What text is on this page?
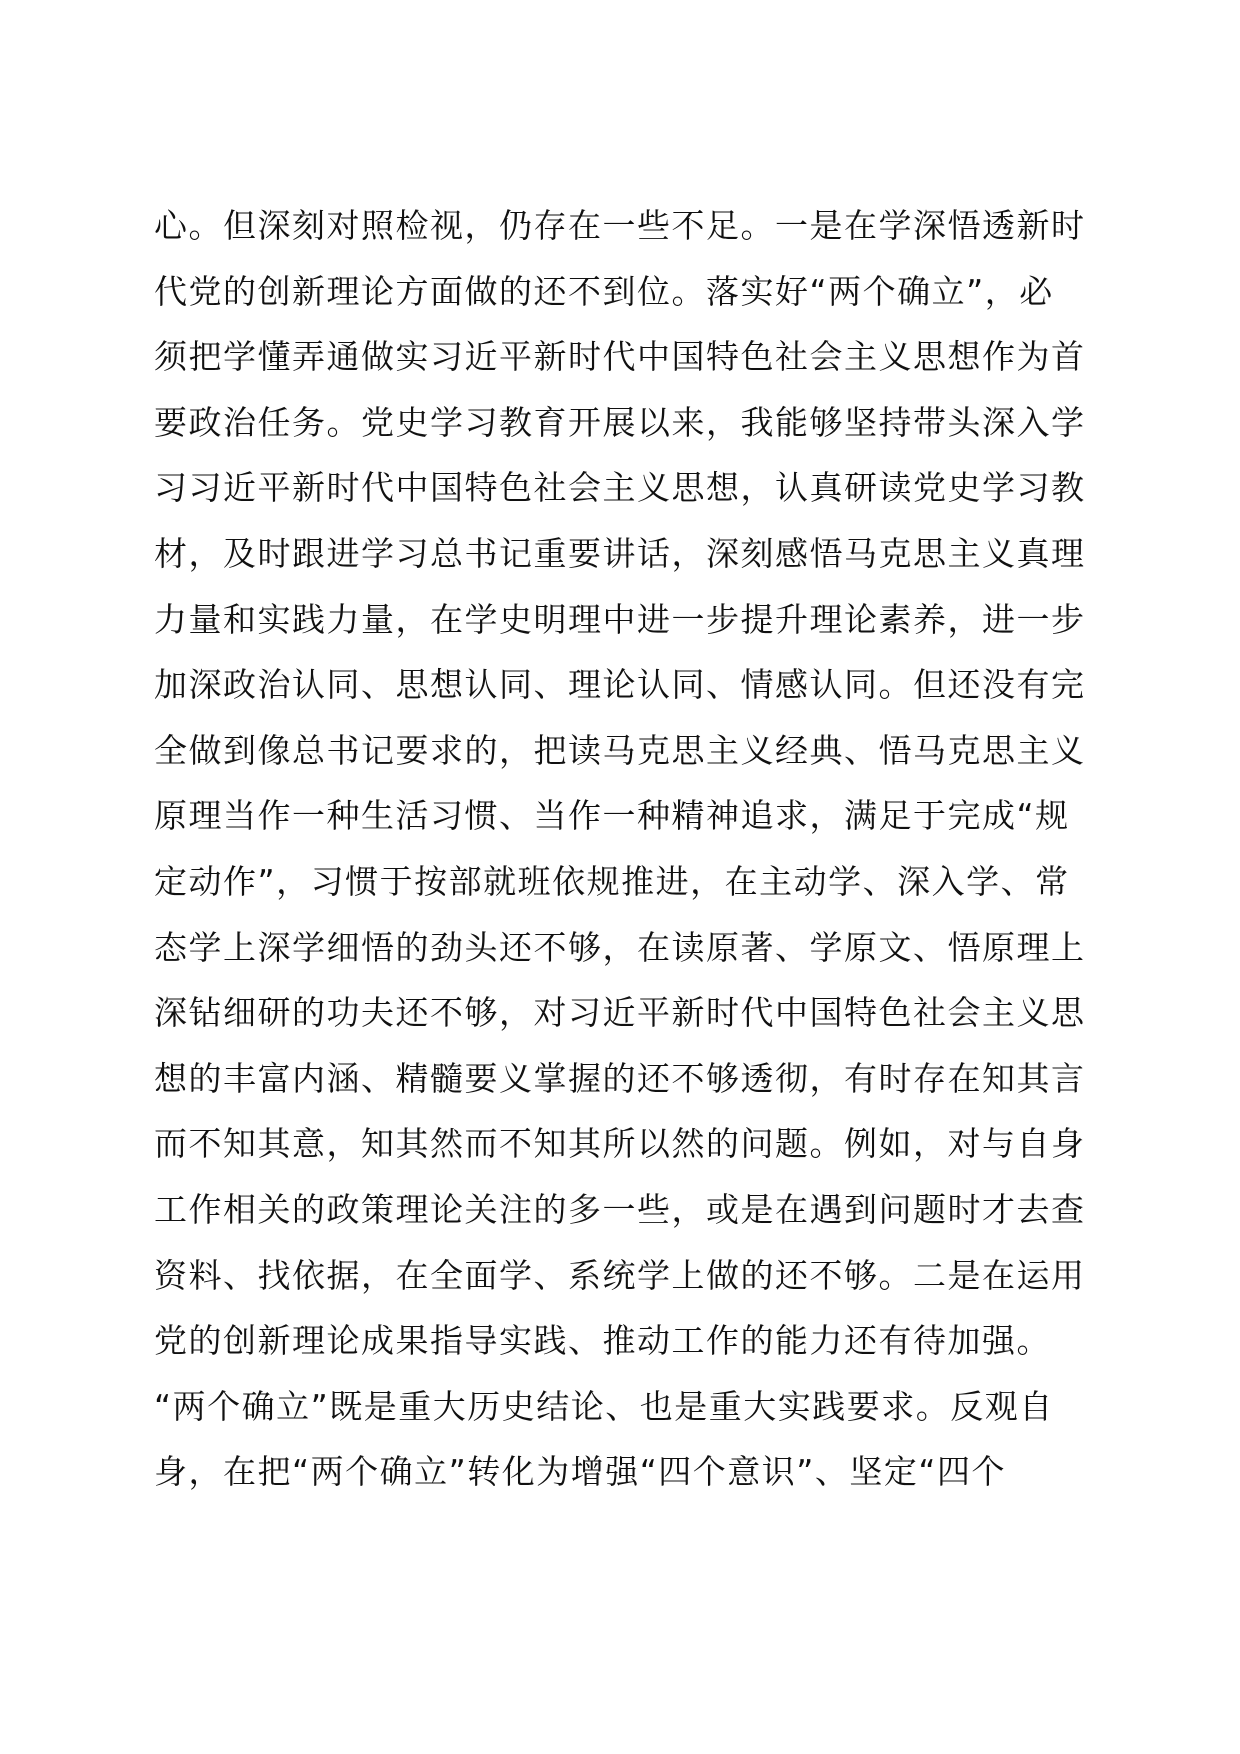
心。但深刻对照检视，仍存在一些不足。一是在学深悟透新时
代党的创新理论方面做的还不到位。落实好“两个确立”，必
须把学懂弄通做实习近平新时代中国特色社会主义思想作为首
要政治任务。党史学习教育开展以来，我能够坚持带头深入学
习习近平新时代中国特色社会主义思想，认真研读党史学习教
材，及时跟进学习总书记重要讲话，深刻感悟马克思主义真理
力量和实践力量，在学史明理中进一步提升理论素养，进一步
加深政治认同、思想认同、理论认同、情感认同。但还没有完
全做到像总书记要求的，把读马克思主义经典、悟马克思主义
原理当作一种生活习惯、当作一种精神追求，满足于完成“规
定动作”，习惯于按部就班依规推进，在主动学、深入学、常
态学上深学细悟的劲头还不够，在读原著、学原文、悟原理上
深钻细研的功夫还不够，对习近平新时代中国特色社会主义思
想的丰富内涵、精髓要义掌握的还不够透彻，有时存在知其言
而不知其意，知其然而不知其所以然的问题。例如，对与自身
工作相关的政策理论关注的多一些，或是在遇到问题时才去查
资料、找依据，在全面学、系统学上做的还不够。二是在运用
党的创新理论成果指导实践、推动工作的能力还有待加强。
“两个确立”既是重大历史结论、也是重大实践要求。反观自
身，在把“两个确立”转化为增强“四个意识”、坚定“四个
